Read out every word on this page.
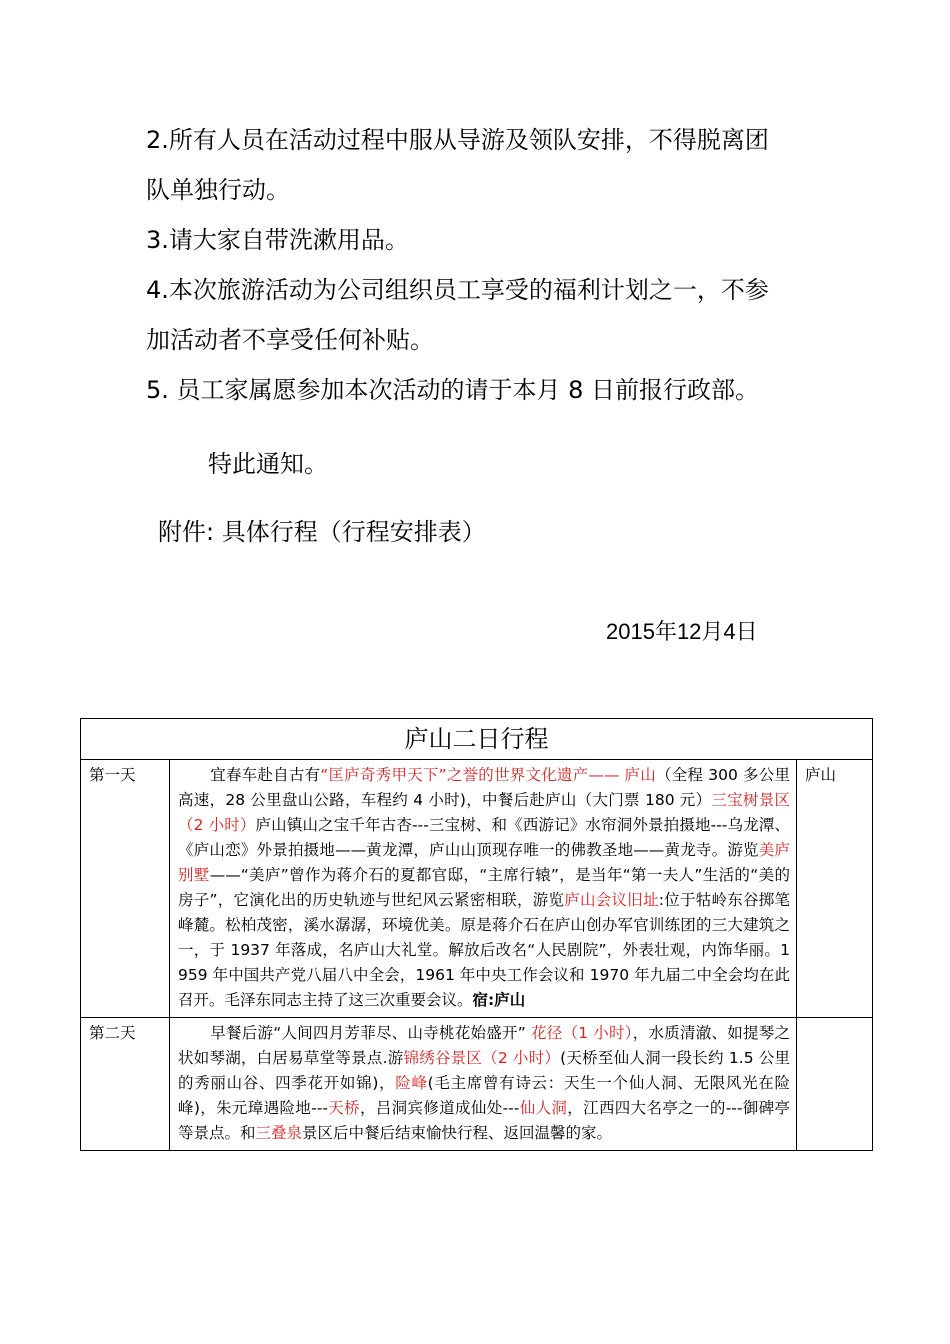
2.所有人员在活动过程中服从导游及领队安排，不得脱离团
队单独行动。
3.请大家自带洗漱用品。
4.本次旅游活动为公司组织员工享受的福利计划之一，不参
加活动者不享受任何补贴。
5. 员工家属愿参加本次活动的请于本月 8 日前报行政部。
特此通知。
附件: 具体行程（行程安排表）
2015年12月4日
庐山二日行程		
第一天	宜春车赴自古有“匡庐奇秀甲天下”之誉的世界文化遗产—— 庐山（全程 300 多公里高速，28 公里盘山公路，车程约 4 小时)，中餐后赴庐山（大门票 180 元）三宝树景区（2 小时）庐山镇山之宝千年古杏---三宝树、和《西游记》水帘洞外景拍摄地---乌龙潭、《庐山恋》外景拍摄地——黄龙潭，庐山山顶现存唯一的佛教圣地——黄龙寺。游览美庐别墅——“美庐”曾作为蒋介石的夏都官邸，“主席行辕”，是当年“第一夫人”生活的“美的房子”，它演化出的历史轨迹与世纪风云紧密相联，游览庐山会议旧址:位于牯岭东谷掷笔峰麓。松柏茂密，溪水潺潺，环境优美。原是蒋介石在庐山创办军官训练团的三大建筑之一，于 1937 年落成，名庐山大礼堂。解放后改名“人民剧院”，外表壮观，内饰华丽。1959 年中国共产党八届八中全会，1961 年中央工作会议和 1970 年九届二中全会均在此召开。毛泽东同志主持了这三次重要会议。宿:庐山	庐山
第二天	早餐后游“人间四月芳菲尽、山寺桃花始盛开” 花径（1 小时），水质清澈、如提琴之状如琴湖，白居易草堂等景点.游锦绣谷景区（2 小时）(天桥至仙人洞一段长约 1.5 公里的秀丽山谷、四季花开如锦)，险峰(毛主席曾有诗云：天生一个仙人洞、无限风光在险峰)，朱元璋遇险地---天桥，吕洞宾修道成仙处---仙人洞，江西四大名亭之一的---御碑亭等景点。和三叠泉景区后中餐后结束愉快行程、返回温馨的家。	
